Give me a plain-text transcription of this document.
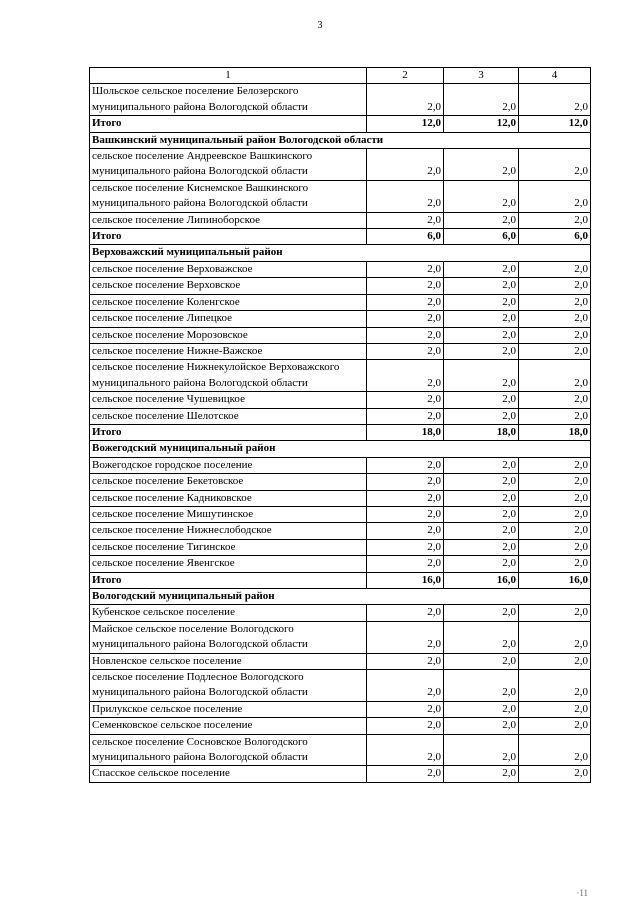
3
1	2	3	4
Шольское сельское поселение Белозерского муниципального района Вологодской области	2,0	2,0	2,0
Итого	12,0	12,0	12,0
Вашкинский муниципальный район Вологодской области			
сельское поселение Андреевское Вашкинского муниципального района Вологодской области	2,0	2,0	2,0
сельское поселение Киснемское Вашкинского муниципального района Вологодской области	2,0	2,0	2,0
сельское поселение Липиноборское	2,0	2,0	2,0
Итого	6,0	6,0	6,0
Верховажский муниципальный район			
сельское поселение Верховажское	2,0	2,0	2,0
сельское поселение Верховское	2,0	2,0	2,0
сельское поселение Коленгское	2,0	2,0	2,0
сельское поселение Липецкое	2,0	2,0	2,0
сельское поселение Морозовское	2,0	2,0	2,0
сельское поселение Нижне-Важское	2,0	2,0	2,0
сельское поселение Нижнекулойское Верховажского муниципального района Вологодской области	2,0	2,0	2,0
сельское поселение Чушевицкое	2,0	2,0	2,0
сельское поселение Шелотское	2,0	2,0	2,0
Итого	18,0	18,0	18,0
Вожегодский муниципальный район			
Вожегодское городское поселение	2,0	2,0	2,0
сельское поселение Бекетовское	2,0	2,0	2,0
сельское поселение Кадниковское	2,0	2,0	2,0
сельское поселение Мишутинское	2,0	2,0	2,0
сельское поселение Нижнеслободское	2,0	2,0	2,0
сельское поселение Тигинское	2,0	2,0	2,0
сельское поселение Явенгское	2,0	2,0	2,0
Итого	16,0	16,0	16,0
Вологодский муниципальный район			
Кубенское сельское поселение	2,0	2,0	2,0
Майское сельское поселение Вологодского муниципального района Вологодской области	2,0	2,0	2,0
Новленское сельское поселение	2,0	2,0	2,0
сельское поселение Подлесное Вологодского муниципального района Вологодской области	2,0	2,0	2,0
Прилукское сельское поселение	2,0	2,0	2,0
Семенковское сельское поселение	2,0	2,0	2,0
сельское поселение Сосновское Вологодского муниципального района Вологодской области	2,0	2,0	2,0
Спасское сельское поселение	2,0	2,0	2,0
·11
